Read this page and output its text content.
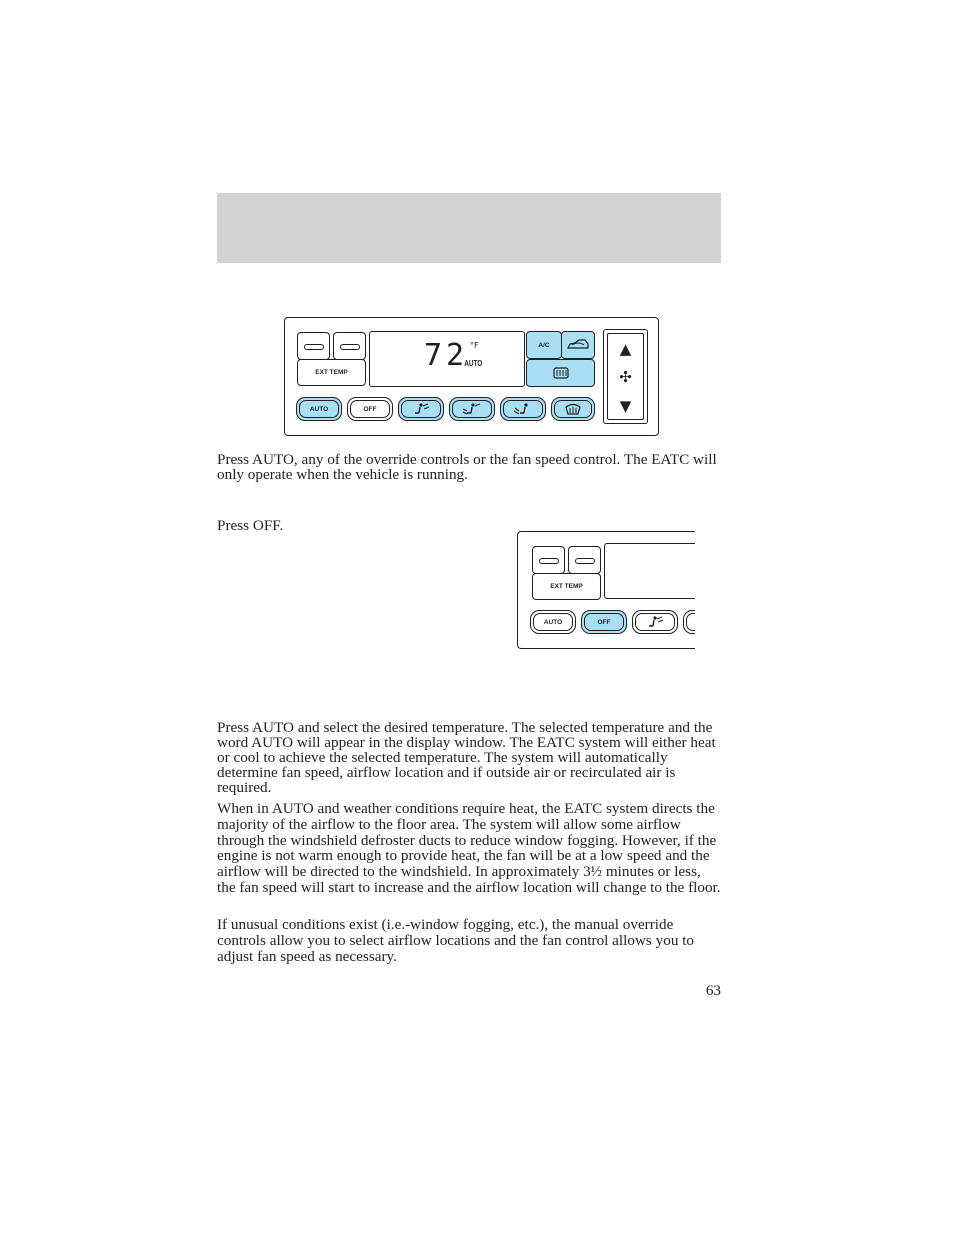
EXT TEMP	72 °F
AUTO
A/C
AUTO	OFF
▲
✣
▼

Press AUTO, any of the override controls or the fan speed control. The EATC will only operate when the vehicle is running.

Press OFF.

EXT TEMP
AUTO	OFF

Press AUTO and select the desired temperature. The selected temperature and the word AUTO will appear in the display window. The EATC system will either heat or cool to achieve the selected temperature. The system will automatically determine fan speed, airflow location and if outside air or recirculated air is required.

When in AUTO and weather conditions require heat, the EATC system directs the majority of the airflow to the floor area. The system will allow some airflow through the windshield defroster ducts to reduce window fogging. However, if the engine is not warm enough to provide heat, the fan will be at a low speed and the airflow will be directed to the windshield. In approximately 3½ minutes or less, the fan speed will start to increase and the airflow location will change to the floor.

If unusual conditions exist (i.e.-window fogging, etc.), the manual override controls allow you to select airflow locations and the fan control allows you to adjust fan speed as necessary.

63
